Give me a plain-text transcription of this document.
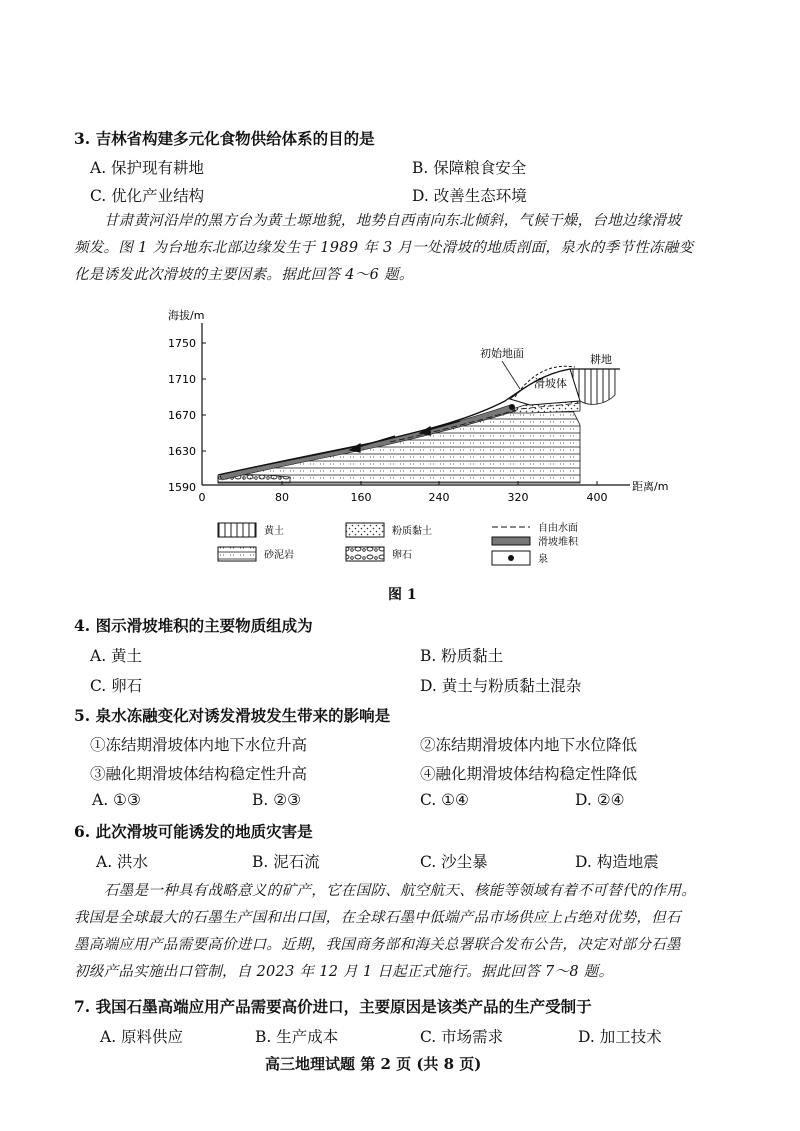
3. 吉林省构建多元化食物供给体系的目的是
A. 保护现有耕地	B. 保障粮食安全
C. 优化产业结构	D. 改善生态环境
甘肃黄河沿岸的黑方台为黄土塬地貌，地势自西南向东北倾斜，气候干燥，台地边缘滑坡
频发。图 1 为台地东北部边缘发生于 1989 年 3 月一处滑坡的地质剖面，泉水的季节性冻融变
化是诱发此次滑坡的主要因素。据此回答 4～6 题。
海拔/m
距离/m
1750
1710
1670
1630
1590
0	80	160	240	320	400
初始地面
滑坡体
耕地
黄土	粉质黏土	自由水面
滑坡堆积
砂泥岩	卵石	泉
图 1
4. 图示滑坡堆积的主要物质组成为
A. 黄土	B. 粉质黏土
C. 卵石	D. 黄土与粉质黏土混杂
5. 泉水冻融变化对诱发滑坡发生带来的影响是
①冻结期滑坡体内地下水位升高	②冻结期滑坡体内地下水位降低
③融化期滑坡体结构稳定性升高	④融化期滑坡体结构稳定性降低
A. ①③	B. ②③	C. ①④	D. ②④
6. 此次滑坡可能诱发的地质灾害是
A. 洪水	B. 泥石流	C. 沙尘暴	D. 构造地震
石墨是一种具有战略意义的矿产，它在国防、航空航天、核能等领域有着不可替代的作用。
我国是全球最大的石墨生产国和出口国，在全球石墨中低端产品市场供应上占绝对优势，但石
墨高端应用产品需要高价进口。近期，我国商务部和海关总署联合发布公告，决定对部分石墨
初级产品实施出口管制，自 2023 年 12 月 1 日起正式施行。据此回答 7～8 题。
7. 我国石墨高端应用产品需要高价进口，主要原因是该类产品的生产受制于
A. 原料供应	B. 生产成本	C. 市场需求	D. 加工技术
高三地理试题 第 2 页 (共 8 页)
